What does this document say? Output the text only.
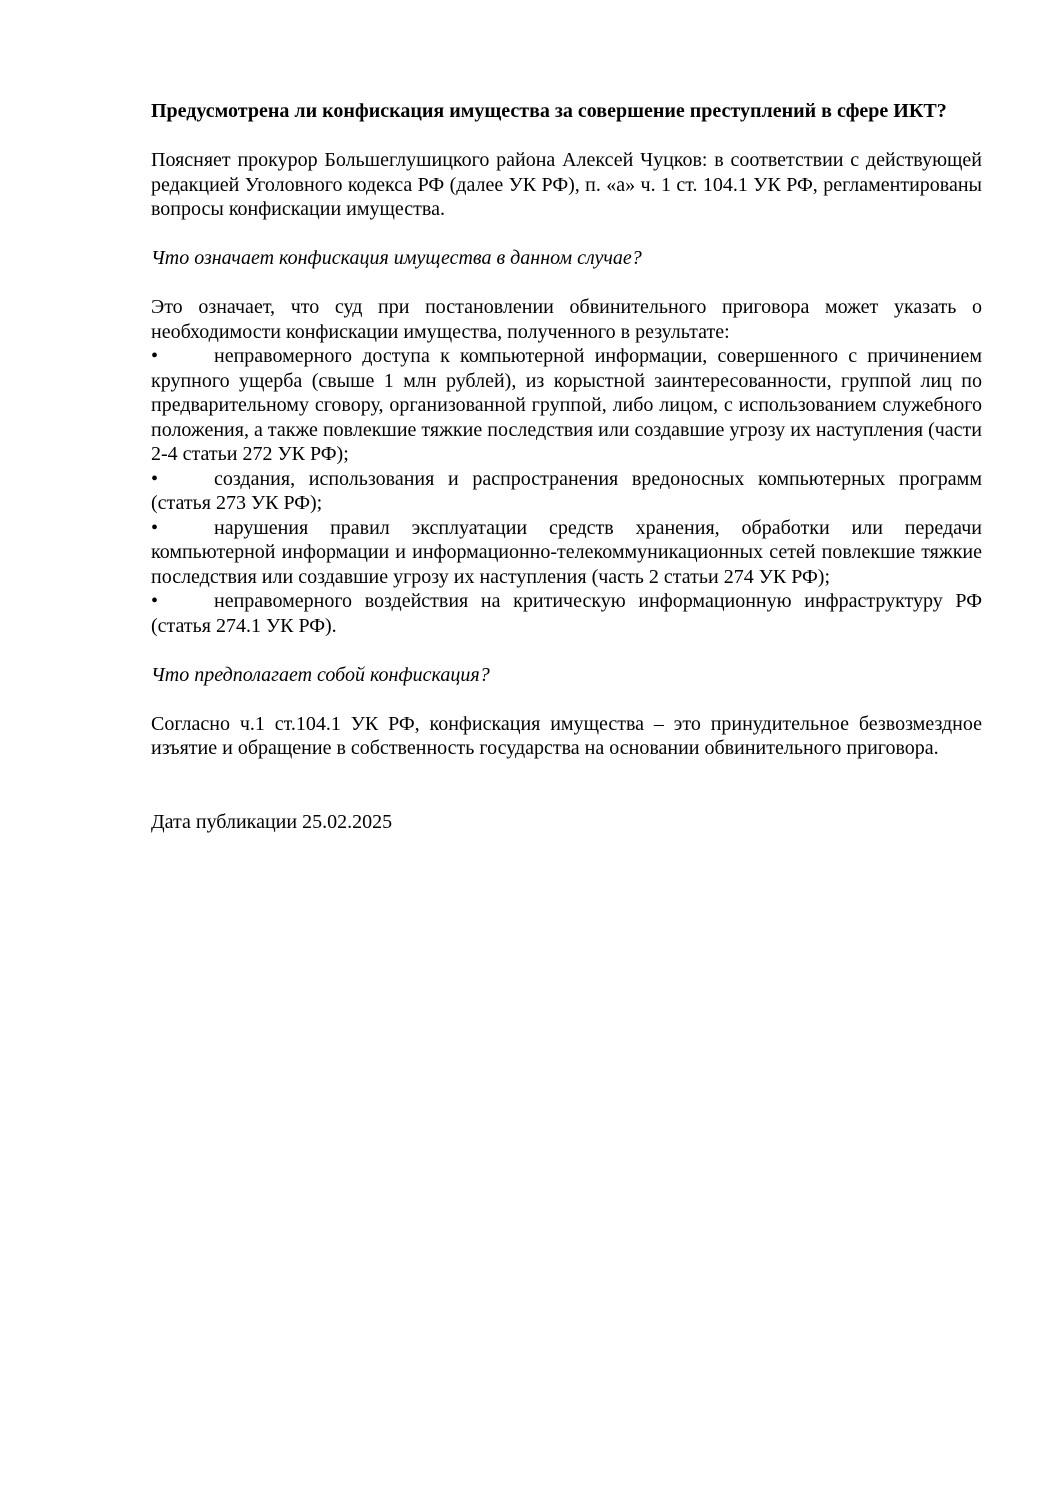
Предусмотрена ли конфискация имущества за совершение преступлений в сфере ИКТ?

Поясняет прокурор Большеглушицкого района Алексей Чуцков: в соответствии с действующей редакцией Уголовного кодекса РФ (далее УК РФ), п. «а» ч. 1 ст. 104.1 УК РФ, регламентированы вопросы конфискации имущества.

Что означает конфискация имущества в данном случае?

Это означает, что суд при постановлении обвинительного приговора может указать о необходимости конфискации имущества, полученного в результате:

•	неправомерного доступа к компьютерной информации, совершенного с причинением крупного ущерба (свыше 1 млн рублей), из корыстной заинтересованности, группой лиц по предварительному сговору, организованной группой, либо лицом, с использованием служебного положения, а также повлекшие тяжкие последствия или создавшие угрозу их наступления (части 2-4 статьи 272 УК РФ);

•	создания, использования и распространения вредоносных компьютерных программ (статья 273 УК РФ);

•	нарушения правил эксплуатации средств хранения, обработки или передачи компьютерной информации и информационно-телекоммуникационных сетей повлекшие тяжкие последствия или создавшие угрозу их наступления (часть 2 статьи 274 УК РФ);

•	неправомерного воздействия на критическую информационную инфраструктуру РФ (статья 274.1 УК РФ).

Что предполагает собой конфискация?

Согласно ч.1 ст.104.1 УК РФ, конфискация имущества – это принудительное безвозмездное изъятие и обращение в собственность государства на основании обвинительного приговора.

Дата публикации 25.02.2025
